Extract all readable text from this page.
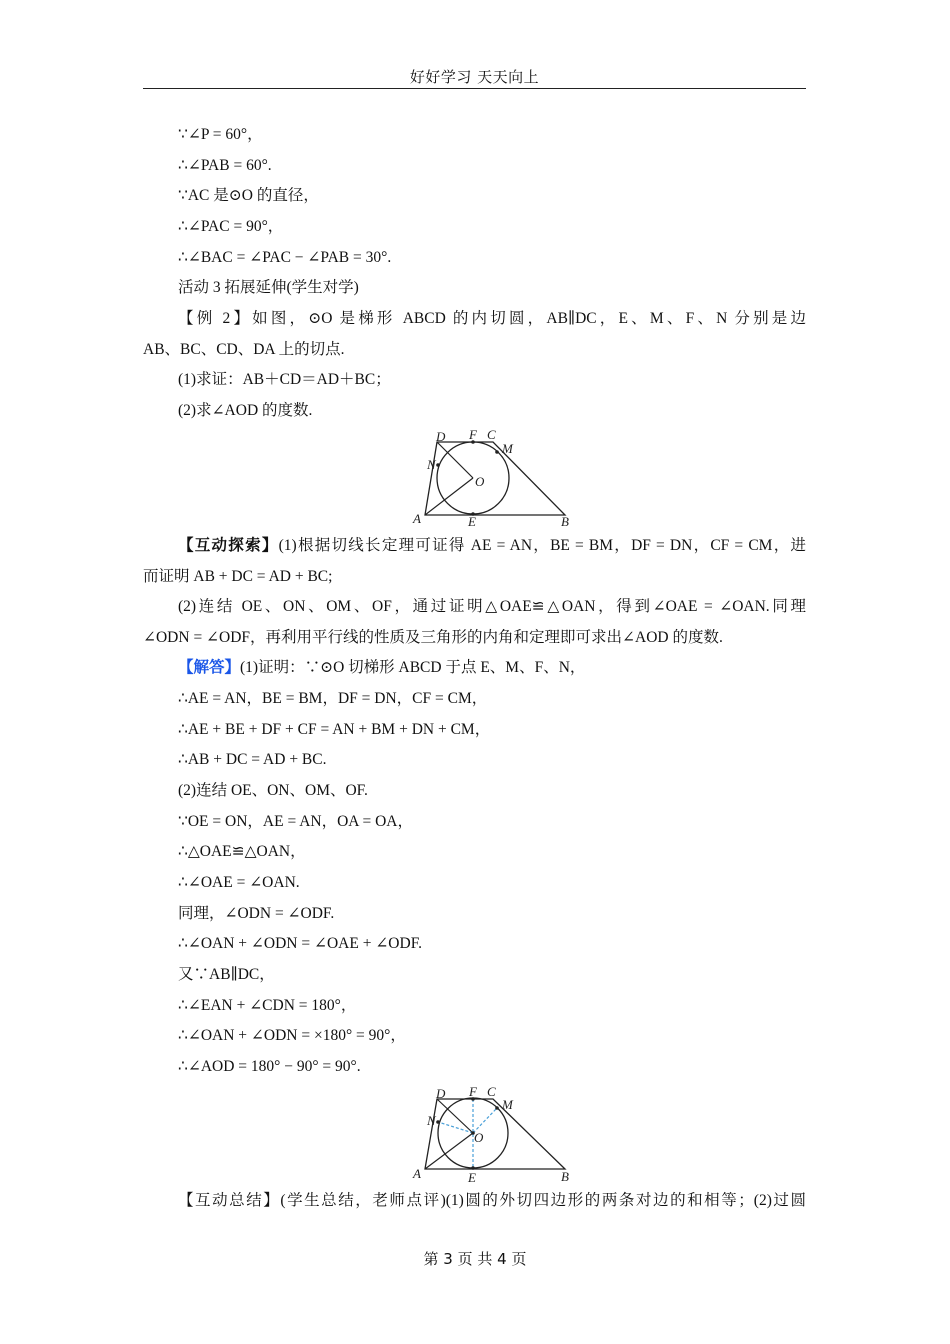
好好学习 天天向上
∵∠P = 60°，
∴∠PAB = 60°.
∵AC 是⊙O 的直径，
∴∠PAC = 90°，
∴∠BAC = ∠PAC − ∠PAB = 30°.
活动 3 拓展延伸(学生对学)
【例 2】如图，⊙O 是梯形 ABCD 的内切圆，AB∥DC，E、M、F、N 分别是边
AB、BC、CD、DA 上的切点.
(1)求证：AB＋CD＝AD＋BC；
(2)求∠AOD 的度数.
D F C
M
N
O
A	E	B
【互动探索】(1)根据切线长定理可证得 AE = AN，BE = BM，DF = DN，CF = CM，进
而证明 AB + DC = AD + BC;
(2)连结 OE、ON、OM、OF，通过证明△OAE≌△OAN，得到∠OAE = ∠OAN.同理
∠ODN = ∠ODF，再利用平行线的性质及三角形的内角和定理即可求出∠AOD 的度数.
【解答】(1)证明：∵⊙O 切梯形 ABCD 于点 E、M、F、N，
∴AE = AN，BE = BM，DF = DN，CF = CM，
∴AE + BE + DF + CF = AN + BM + DN + CM，
∴AB + DC = AD + BC.
(2)连结 OE、ON、OM、OF.
∵OE = ON，AE = AN，OA = OA，
∴△OAE≌△OAN，
∴∠OAE = ∠OAN.
同理，∠ODN = ∠ODF.
∴∠OAN + ∠ODN = ∠OAE + ∠ODF.
又∵AB∥DC，
∴∠EAN + ∠CDN = 180°，
∴∠OAN + ∠ODN = ×180° = 90°，
∴∠AOD = 180° − 90° = 90°.
D F C
M
N
O
A	E	B
【互动总结】(学生总结，老师点评)(1)圆的外切四边形的两条对边的和相等；(2)过圆
第 3 页 共 4 页
